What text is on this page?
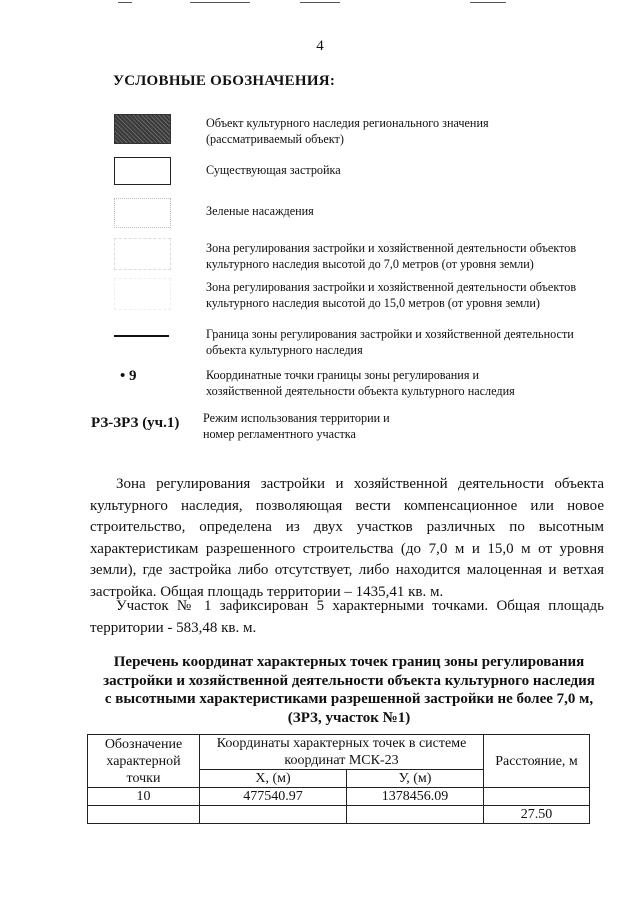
4
УСЛОВНЫЕ ОБОЗНАЧЕНИЯ:
Объект культурного наследия регионального значения
(рассматриваемый объект)
Существующая застройка
Зеленые насаждения
Зона регулирования застройки и хозяйственной деятельности объектов
культурного наследия высотой до 7,0 метров (от уровня земли)
Зона регулирования застройки и хозяйственной деятельности объектов
культурного наследия высотой до 15,0 метров (от уровня земли)
Граница зоны регулирования застройки и хозяйственной деятельности
объекта культурного наследия
• 9	Координатные точки границы зоны регулирования и
хозяйственной деятельности объекта культурного наследия
РЗ-ЗРЗ (уч.1) Режим использования территории и
номер регламентного участка
Зона регулирования застройки и хозяйственной деятельности объекта культурного наследия, позволяющая вести компенсационное или новое строительство, определена из двух участков различных по высотным характеристикам разрешенного строительства (до 7,0 м и 15,0 м от уровня земли), где застройка либо отсутствует, либо находится малоценная и ветхая застройка. Общая площадь территории – 1435,41 кв. м.
Участок № 1 зафиксирован 5 характерными точками. Общая площадь территории - 583,48 кв. м.
Перечень координат характерных точек границ зоны регулирования
застройки и хозяйственной деятельности объекта культурного наследия
с высотными характеристиками разрешенной застройки не более 7,0 м,
(ЗРЗ, участок №1)
Обозначение характерной точки	Координаты характерных точек в системе координат МСК-23		Расстояние, м
	X, (м)	У, (м)	
10	477540.97	1378456.09	
			27.50
